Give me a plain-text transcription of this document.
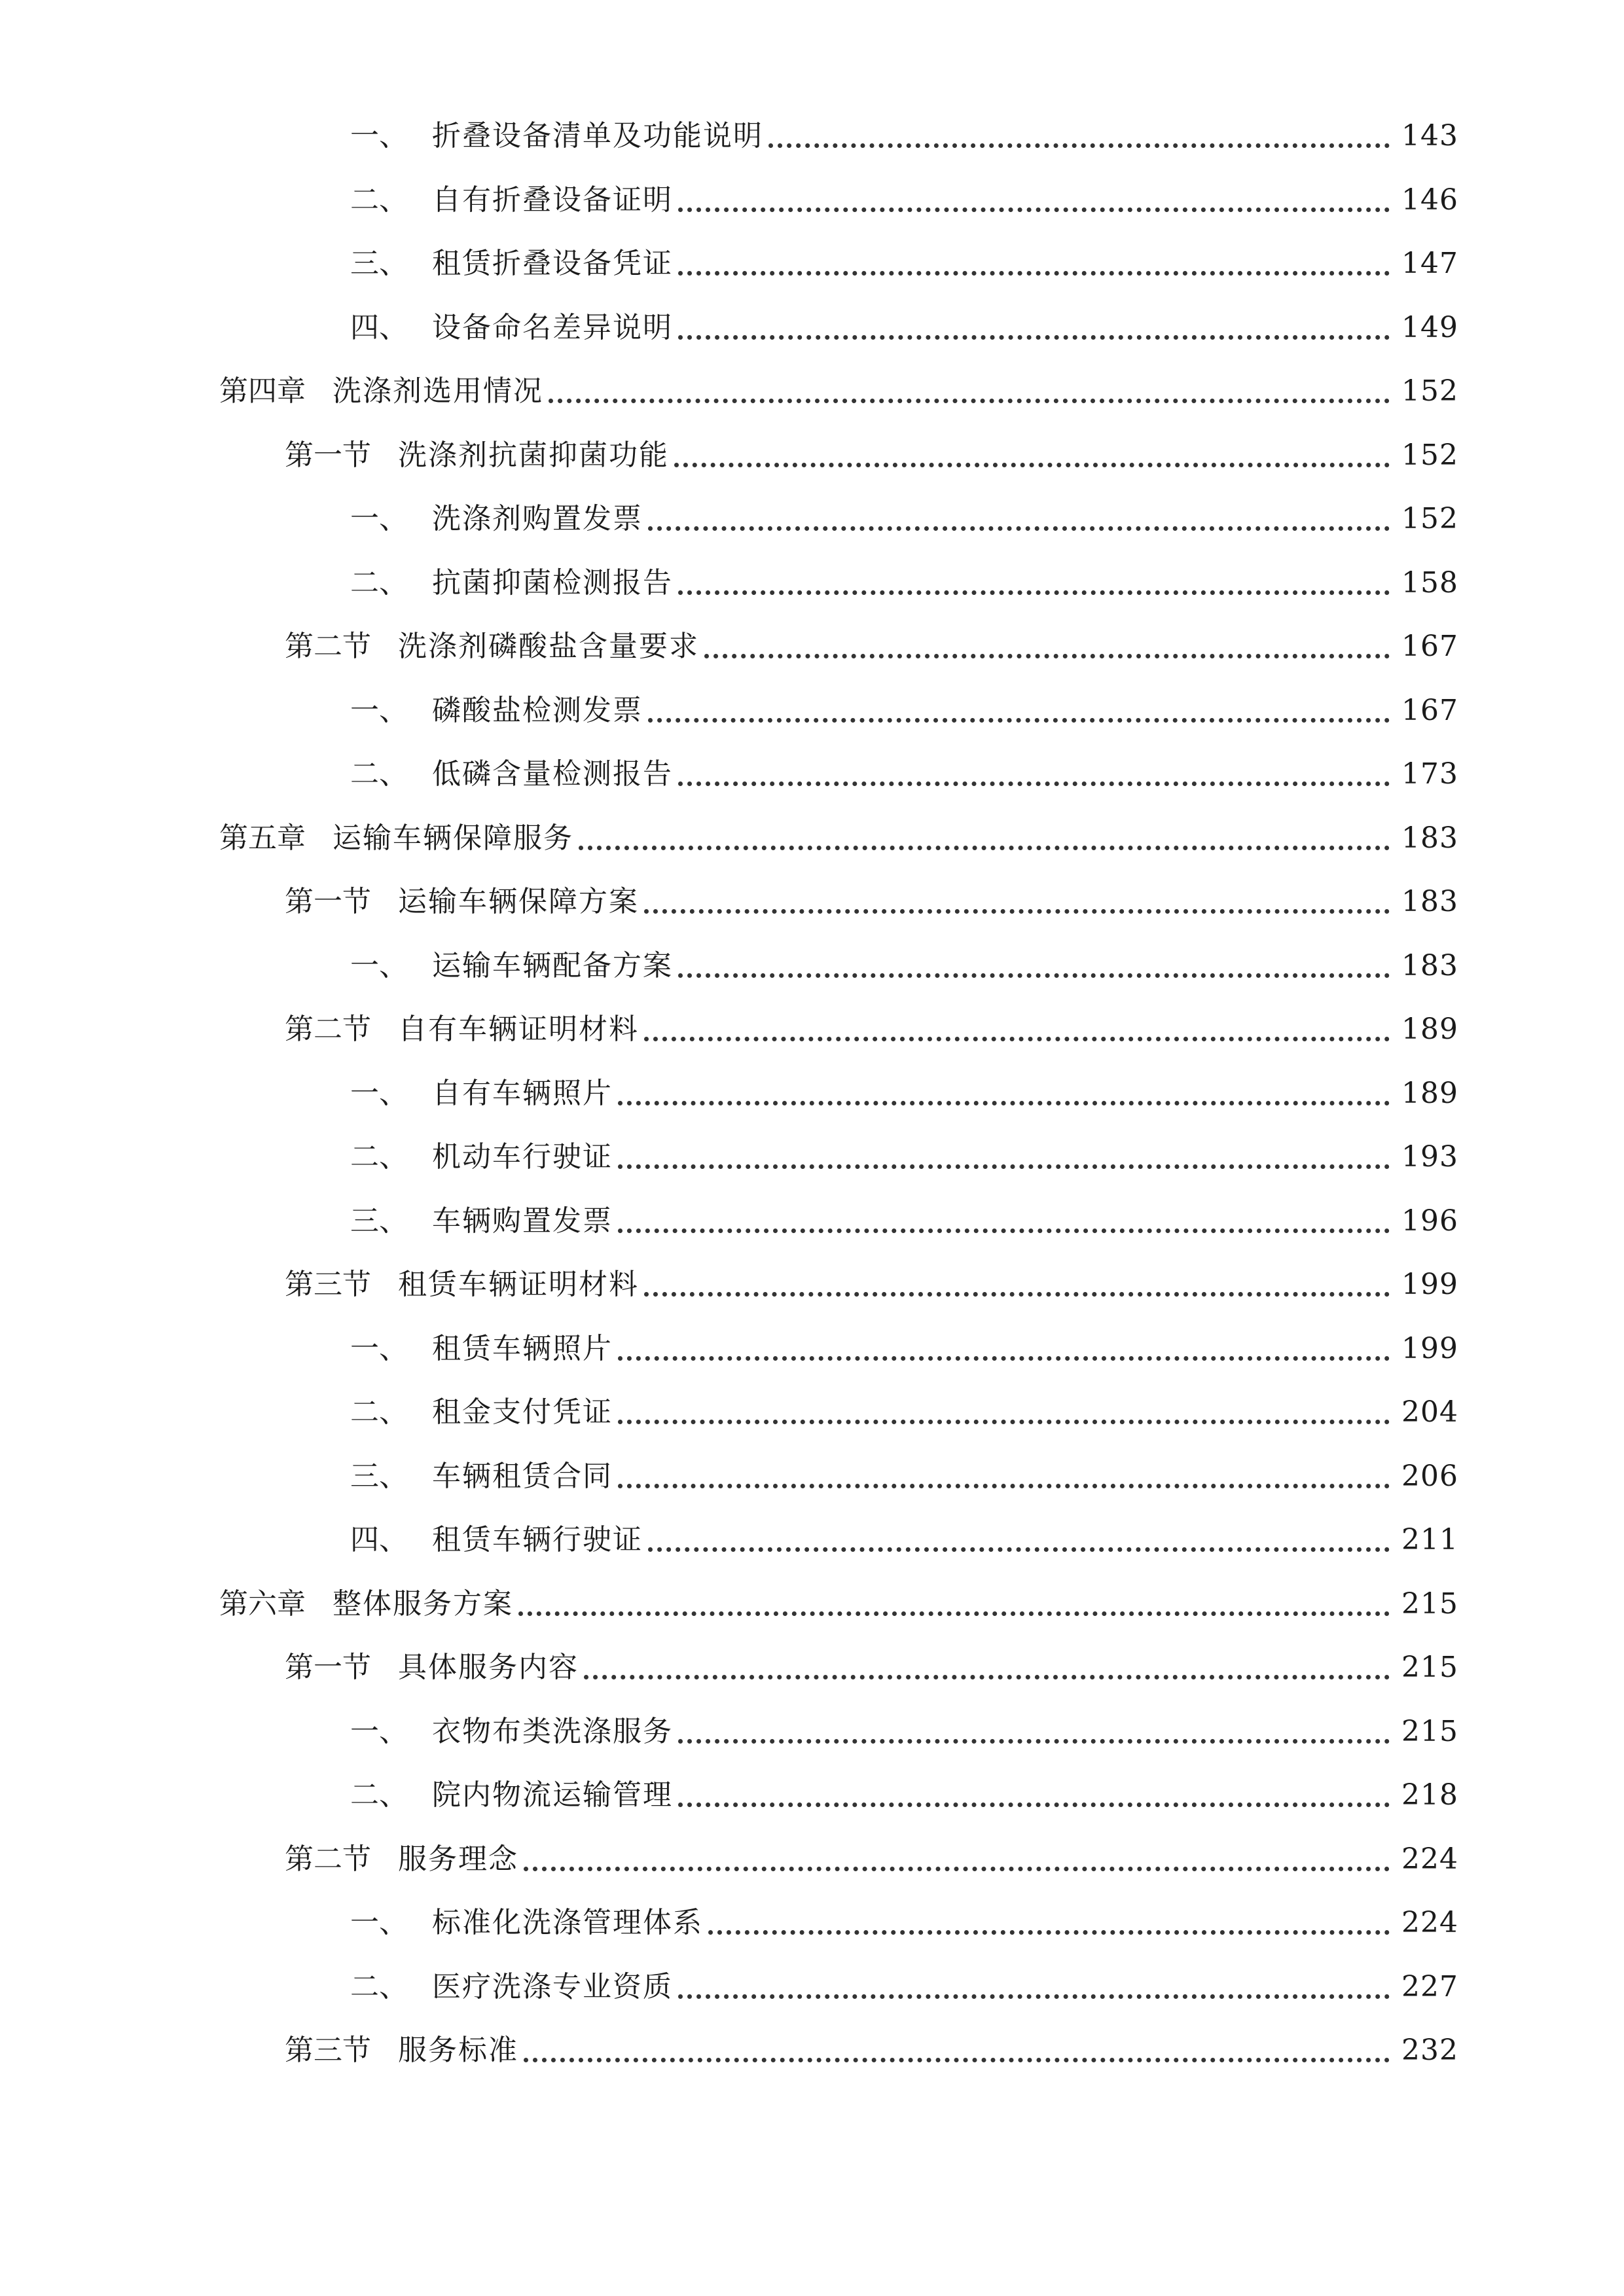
一、 折叠设备清单及功能说明	143
二、 自有折叠设备证明	146
三、 租赁折叠设备凭证	147
四、 设备命名差异说明	149
第四章 洗涤剂选用情况	152
第一节 洗涤剂抗菌抑菌功能	152
一、 洗涤剂购置发票	152
二、 抗菌抑菌检测报告	158
第二节 洗涤剂磷酸盐含量要求	167
一、 磷酸盐检测发票	167
二、 低磷含量检测报告	173
第五章 运输车辆保障服务	183
第一节 运输车辆保障方案	183
一、 运输车辆配备方案	183
第二节 自有车辆证明材料	189
一、 自有车辆照片	189
二、 机动车行驶证	193
三、 车辆购置发票	196
第三节 租赁车辆证明材料	199
一、 租赁车辆照片	199
二、 租金支付凭证	204
三、 车辆租赁合同	206
四、 租赁车辆行驶证	211
第六章 整体服务方案	215
第一节 具体服务内容	215
一、 衣物布类洗涤服务	215
二、 院内物流运输管理	218
第二节 服务理念	224
一、 标准化洗涤管理体系	224
二、 医疗洗涤专业资质	227
第三节 服务标准	232
